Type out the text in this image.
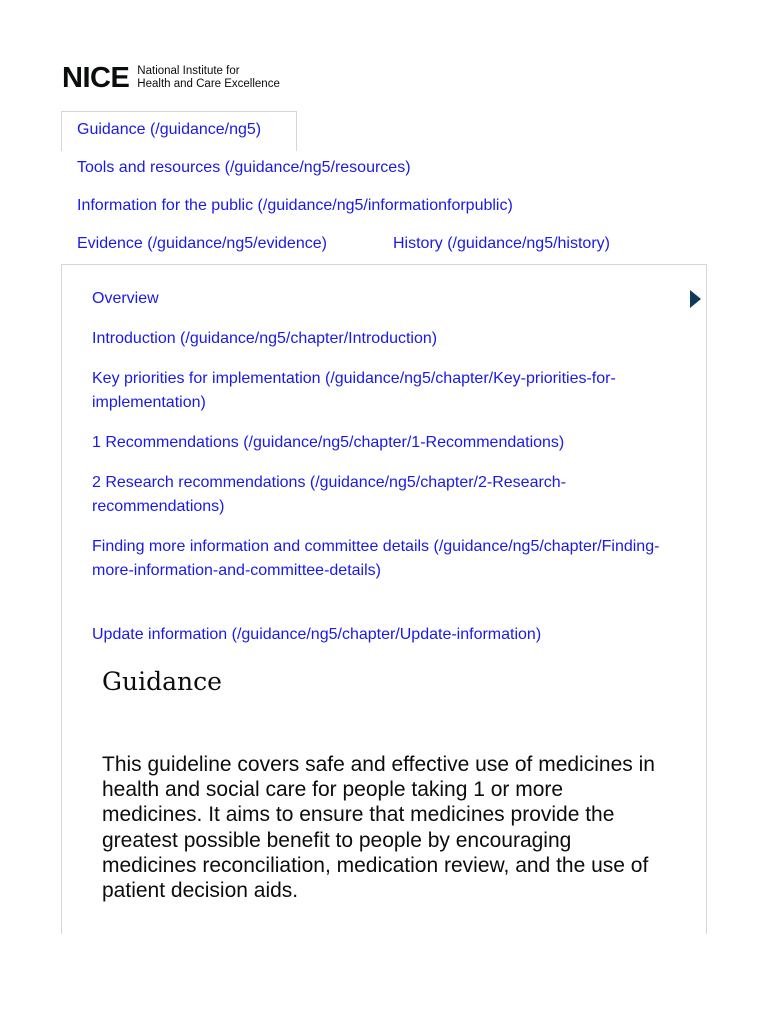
NICE National Institute for
Health and Care Excellence
Guidance (/guidance/ng5)
Tools and resources (/guidance/ng5/resources)
Information for the public (/guidance/ng5/informationforpublic)
Evidence (/guidance/ng5/evidence)	History (/guidance/ng5/history)
Overview
Introduction (/guidance/ng5/chapter/Introduction)
Key priorities for implementation (/guidance/ng5/chapter/Key-priorities-for-implementation)
1 Recommendations (/guidance/ng5/chapter/1-Recommendations)
2 Research recommendations (/guidance/ng5/chapter/2-Research-recommendations)
Finding more information and committee details (/guidance/ng5/chapter/Finding-more-information-and-committee-details)
Update information (/guidance/ng5/chapter/Update-information)
Guidance

This guideline covers safe and effective use of medicines in health and social care for people taking 1 or more medicines. It aims to ensure that medicines provide the greatest possible benefit to people by encouraging medicines reconciliation, medication review, and the use of patient decision aids.
